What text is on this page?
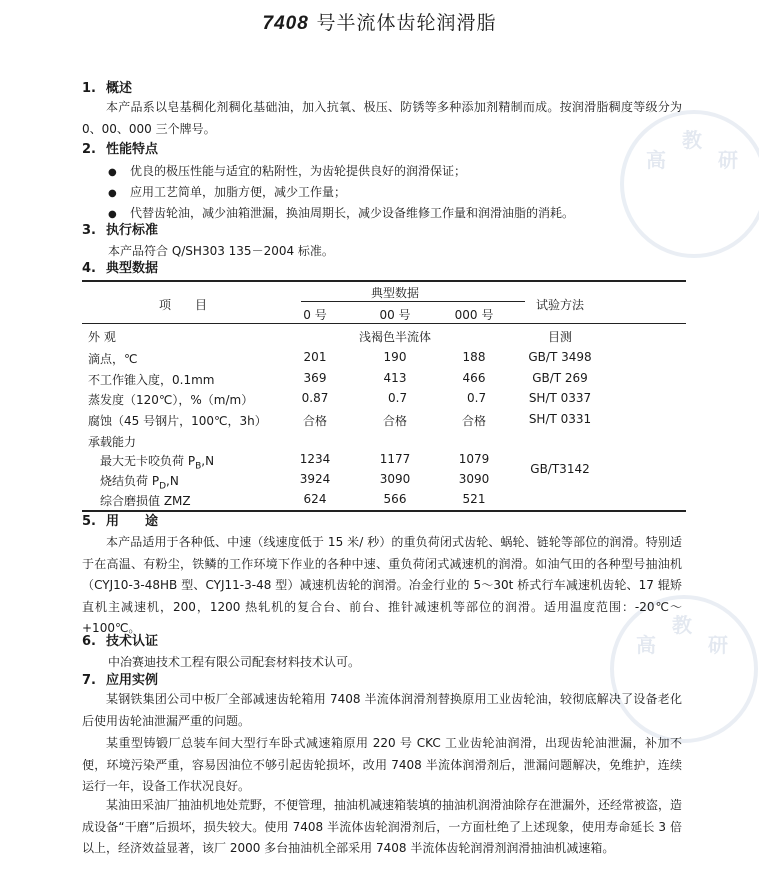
高
教
研
高
教
研
7408 号半流体齿轮润滑脂
1. 概述
本产品系以皂基稠化剂稠化基础油，加入抗氧、极压、防锈等多种添加剂精制而成。按润滑脂稠度等级分为 0、00、000 三个牌号。
2. 性能特点
● 优良的极压性能与适宜的粘附性，为齿轮提供良好的润滑保证；
● 应用工艺简单，加脂方便，减少工作量；
● 代替齿轮油，减少油箱泄漏，换油周期长，减少设备维修工作量和润滑油脂的消耗。
3. 执行标准
本产品符合 Q/SH303 135－2004 标准。
4. 典型数据
项　　目
典型数据
0 号	00 号	000 号
试验方法
外 观	浅褐色半流体	目测
滴点，℃	201	190	188	GB/T 3498
不工作锥入度，0.1mm	369	413	466	GB/T 269
蒸发度（120℃），%（m/m）	0.87	0.7	0.7	SH/T 0337
腐蚀（45 号钢片，100℃，3h）	合格	合格	合格	SH/T 0331
承载能力
最大无卡咬负荷 $P_B,N$	1234	1177	1079
烧结负荷 $P_D,N$	3924	3090	3090
综合磨损值 ZMZ	624	566	521
GB/T3142
5. 用　　途
本产品适用于各种低、中速（线速度低于 15 米/ 秒）的重负荷闭式齿轮、蜗轮、链轮等部位的润滑。特别适于在高温、有粉尘，铁鳞的工作环境下作业的各种中速、重负荷闭式减速机的润滑。如油气田的各种型号抽油机（CYJ10-3-48HB 型、CYJ11-3-48 型）减速机齿轮的润滑。冶金行业的 5～30t 桥式行车减速机齿轮、17 辊矫直机主减速机，200，1200 热轧机的复合台、前台、推针减速机等部位的润滑。适用温度范围：-20℃～+100℃。
6. 技术认证
中冶赛迪技术工程有限公司配套材料技术认可。
7. 应用实例
某钢铁集团公司中板厂全部减速齿轮箱用 7408 半流体润滑剂替换原用工业齿轮油，较彻底解决了设备老化后使用齿轮油泄漏严重的问题。
某重型铸锻厂总装车间大型行车卧式减速箱原用 220 号 CKC 工业齿轮油润滑，出现齿轮油泄漏，补加不便，环境污染严重，容易因油位不够引起齿轮损坏，改用 7408 半流体润滑剂后，泄漏问题解决，免维护，连续运行一年，设备工作状况良好。
某油田采油厂抽油机地处荒野，不便管理，抽油机减速箱装填的抽油机润滑油除存在泄漏外，还经常被盗，造成设备“干磨”后损坏，损失较大。使用 7408 半流体齿轮润滑剂后，一方面杜绝了上述现象，使用寿命延长 3 倍以上，经济效益显著，该厂 2000 多台抽油机全部采用 7408 半流体齿轮润滑剂润滑抽油机减速箱。
